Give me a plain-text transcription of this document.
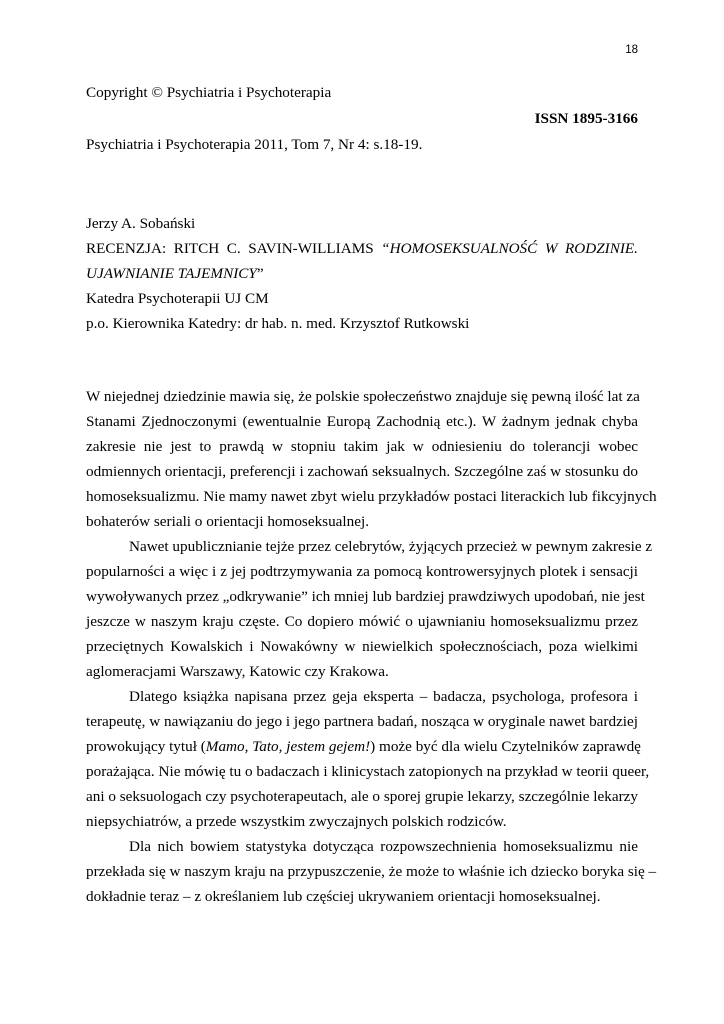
18
Copyright © Psychiatria i Psychoterapia
ISSN 1895-3166
Psychiatria i Psychoterapia 2011, Tom 7, Nr 4: s.18-19.
Jerzy A. Sobański
RECENZJA: RITCH C. SAVIN-WILLIAMS “HOMOSEKSUALNOŚĆ W RODZINIE.
UJAWNIANIE TAJEMNICY”
Katedra Psychoterapii UJ CM
p.o. Kierownika Katedry: dr hab. n. med. Krzysztof Rutkowski

W niejednej dziedzinie mawia się, że polskie społeczeństwo znajduje się pewną ilość lat za
Stanami Zjednoczonymi (ewentualnie Europą Zachodnią etc.). W żadnym jednak chyba
zakresie nie jest to prawdą w stopniu takim jak w odniesieniu do tolerancji wobec
odmiennych orientacji, preferencji i zachowań seksualnych. Szczególne zaś w stosunku do
homoseksualizmu. Nie mamy nawet zbyt wielu przykładów postaci literackich lub fikcyjnych
bohaterów seriali o orientacji homoseksualnej.

Nawet upublicznianie tejże przez celebrytów, żyjących przecież w pewnym zakresie z
popularności a więc i z jej podtrzymywania za pomocą kontrowersyjnych plotek i sensacji
wywoływanych przez „odkrywanie” ich mniej lub bardziej prawdziwych upodobań, nie jest
jeszcze w naszym kraju częste. Co dopiero mówić o ujawnianiu homoseksualizmu przez
przeciętnych Kowalskich i Nowakówny w niewielkich społecznościach, poza wielkimi
aglomeracjami Warszawy, Katowic czy Krakowa.

Dlatego książka napisana przez geja eksperta – badacza, psychologa, profesora i
terapeutę, w nawiązaniu do jego i jego partnera badań, nosząca w oryginale nawet bardziej
prowokujący tytuł (Mamo, Tato, jestem gejem!) może być dla wielu Czytelników zaprawdę
porażająca. Nie mówię tu o badaczach i klinicystach zatopionych na przykład w teorii queer,
ani o seksuologach czy psychoterapeutach, ale o sporej grupie lekarzy, szczególnie lekarzy
niepsychiatrów, a przede wszystkim zwyczajnych polskich rodziców.

Dla nich bowiem statystyka dotycząca rozpowszechnienia homoseksualizmu nie
przekłada się w naszym kraju na przypuszczenie, że może to właśnie ich dziecko boryka się –
dokładnie teraz – z określaniem lub częściej ukrywaniem orientacji homoseksualnej.
